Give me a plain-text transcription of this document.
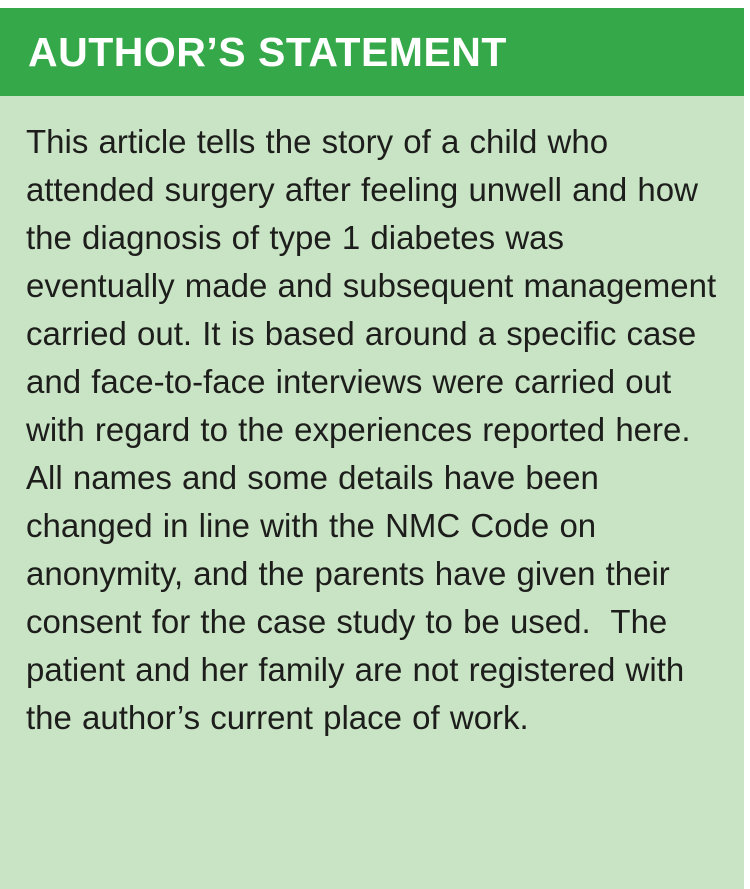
AUTHOR’S STATEMENT
This article tells the story of a child who attended surgery after feeling unwell and how the diagnosis of type 1 diabetes was eventually made and subsequent management carried out. It is based around a specific case and face-to-face interviews were carried out with regard to the experiences reported here.  All names and some details have been changed in line with the NMC Code on anonymity, and the parents have given their consent for the case study to be used.  The patient and her family are not registered with the author’s current place of work.
